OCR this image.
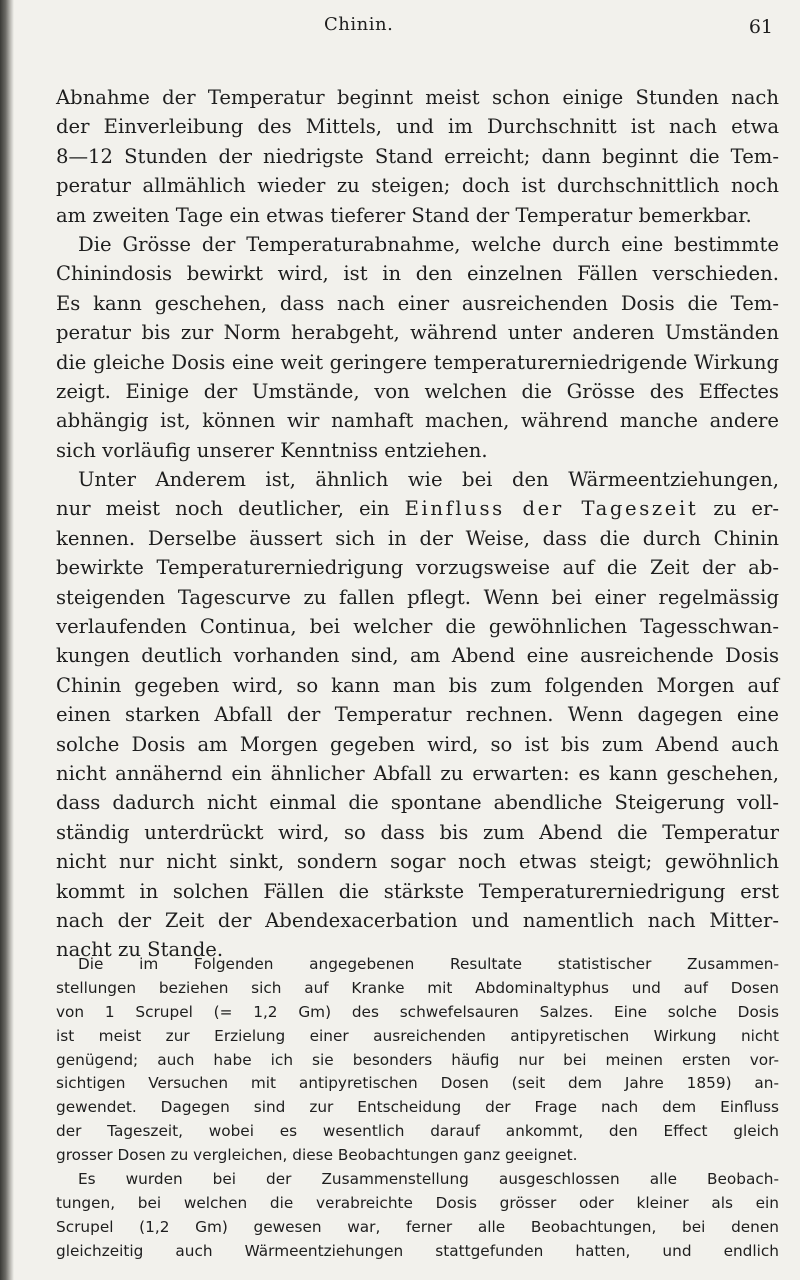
Chinin.	61
Abnahme der Temperatur beginnt meist schon einige Stunden nach
der Einverleibung des Mittels, und im Durchschnitt ist nach etwa
8—12 Stunden der niedrigste Stand erreicht; dann beginnt die Tem-
peratur allmählich wieder zu steigen; doch ist durchschnittlich noch
am zweiten Tage ein etwas tieferer Stand der Temperatur bemerkbar.
Die Grösse der Temperaturabnahme, welche durch eine bestimmte
Chinindosis bewirkt wird, ist in den einzelnen Fällen verschieden.
Es kann geschehen, dass nach einer ausreichenden Dosis die Tem-
peratur bis zur Norm herabgeht, während unter anderen Umständen
die gleiche Dosis eine weit geringere temperaturerniedrigende Wirkung
zeigt. Einige der Umstände, von welchen die Grösse des Effectes
abhängig ist, können wir namhaft machen, während manche andere
sich vorläufig unserer Kenntniss entziehen.
Unter Anderem ist, ähnlich wie bei den Wärmeentziehungen,
nur meist noch deutlicher, ein Einfluss der Tageszeit zu er-
kennen. Derselbe äussert sich in der Weise, dass die durch Chinin
bewirkte Temperaturerniedrigung vorzugsweise auf die Zeit der ab-
steigenden Tagescurve zu fallen pflegt. Wenn bei einer regelmässig
verlaufenden Continua, bei welcher die gewöhnlichen Tagesschwan-
kungen deutlich vorhanden sind, am Abend eine ausreichende Dosis
Chinin gegeben wird, so kann man bis zum folgenden Morgen auf
einen starken Abfall der Temperatur rechnen. Wenn dagegen eine
solche Dosis am Morgen gegeben wird, so ist bis zum Abend auch
nicht annähernd ein ähnlicher Abfall zu erwarten: es kann geschehen,
dass dadurch nicht einmal die spontane abendliche Steigerung voll-
ständig unterdrückt wird, so dass bis zum Abend die Temperatur
nicht nur nicht sinkt, sondern sogar noch etwas steigt; gewöhnlich
kommt in solchen Fällen die stärkste Temperaturerniedrigung erst
nach der Zeit der Abendexacerbation und namentlich nach Mitter-
nacht zu Stande.
Die im Folgenden angegebenen Resultate statistischer Zusammen-
stellungen beziehen sich auf Kranke mit Abdominaltyphus und auf Dosen
von 1 Scrupel (= 1,2 Gm) des schwefelsauren Salzes. Eine solche Dosis
ist meist zur Erzielung einer ausreichenden antipyretischen Wirkung nicht
genügend; auch habe ich sie besonders häufig nur bei meinen ersten vor-
sichtigen Versuchen mit antipyretischen Dosen (seit dem Jahre 1859) an-
gewendet. Dagegen sind zur Entscheidung der Frage nach dem Einfluss
der Tageszeit, wobei es wesentlich darauf ankommt, den Effect gleich
grosser Dosen zu vergleichen, diese Beobachtungen ganz geeignet.
Es wurden bei der Zusammenstellung ausgeschlossen alle Beobach-
tungen, bei welchen die verabreichte Dosis grösser oder kleiner als ein
Scrupel (1,2 Gm) gewesen war, ferner alle Beobachtungen, bei denen
gleichzeitig auch Wärmeentziehungen stattgefunden hatten, und endlich
